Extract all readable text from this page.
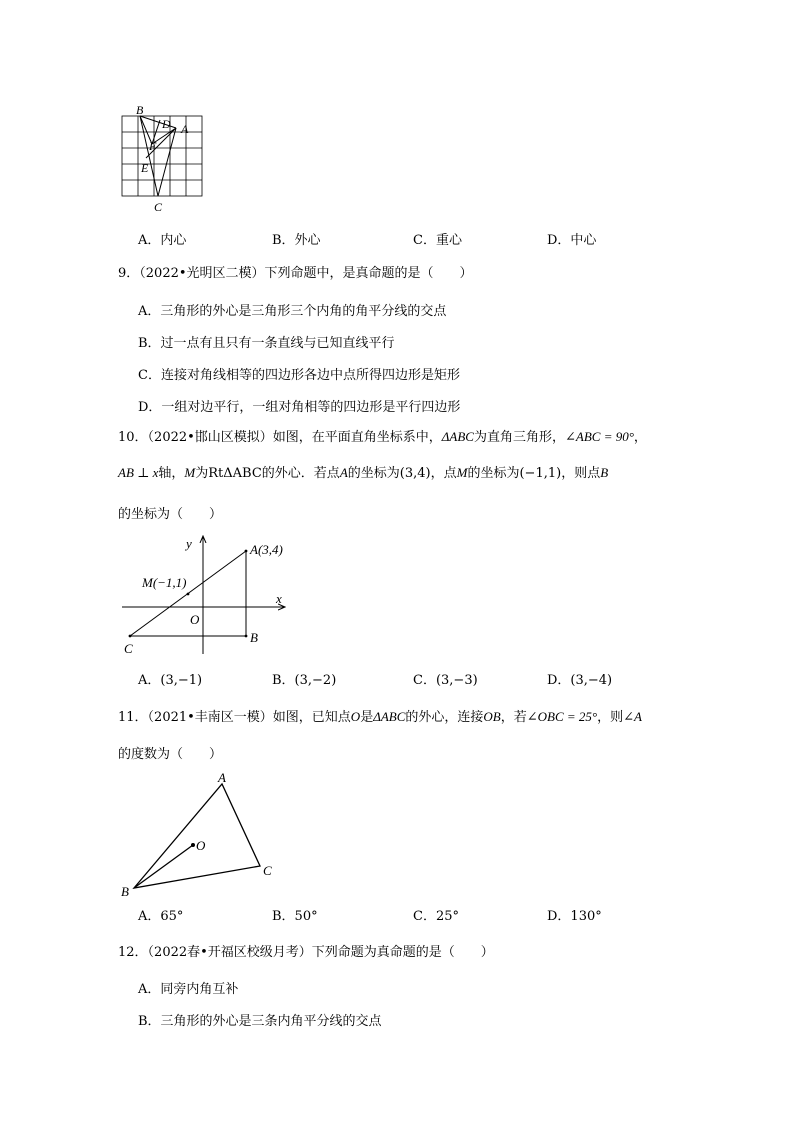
B
D A
F
E
C
A．内心	B．外心	C．重心	D．中心
9．（2022•光明区二模）下列命题中，是真命题的是（　　）
A．三角形的外心是三角形三个内角的角平分线的交点
B．过一点有且只有一条直线与已知直线平行
C．连接对角线相等的四边形各边中点所得四边形是矩形
D．一组对边平行，一组对角相等的四边形是平行四边形
10．（2022•邯山区模拟）如图，在平面直角坐标系中，ΔABC为直角三角形，∠ABC = 90°，
AB ⊥ x轴，M为RtΔABC的外心．若点A的坐标为(3,4)，点M的坐标为(−1,1)，则点B
的坐标为（　　）
y	A(3,4)
M(−1,1)
x
O
B
C
A．(3,−1)	B．(3,−2)	C．(3,−3)	D．(3,−4)
11．（2021•丰南区一模）如图，已知点O是ΔABC的外心，连接OB，若∠OBC = 25°，则∠A
的度数为（　　）
A
O
C
B
A．65°	B．50°	C．25°	D．130°
12．（2022春•开福区校级月考）下列命题为真命题的是（　　）
A．同旁内角互补
B．三角形的外心是三条内角平分线的交点
